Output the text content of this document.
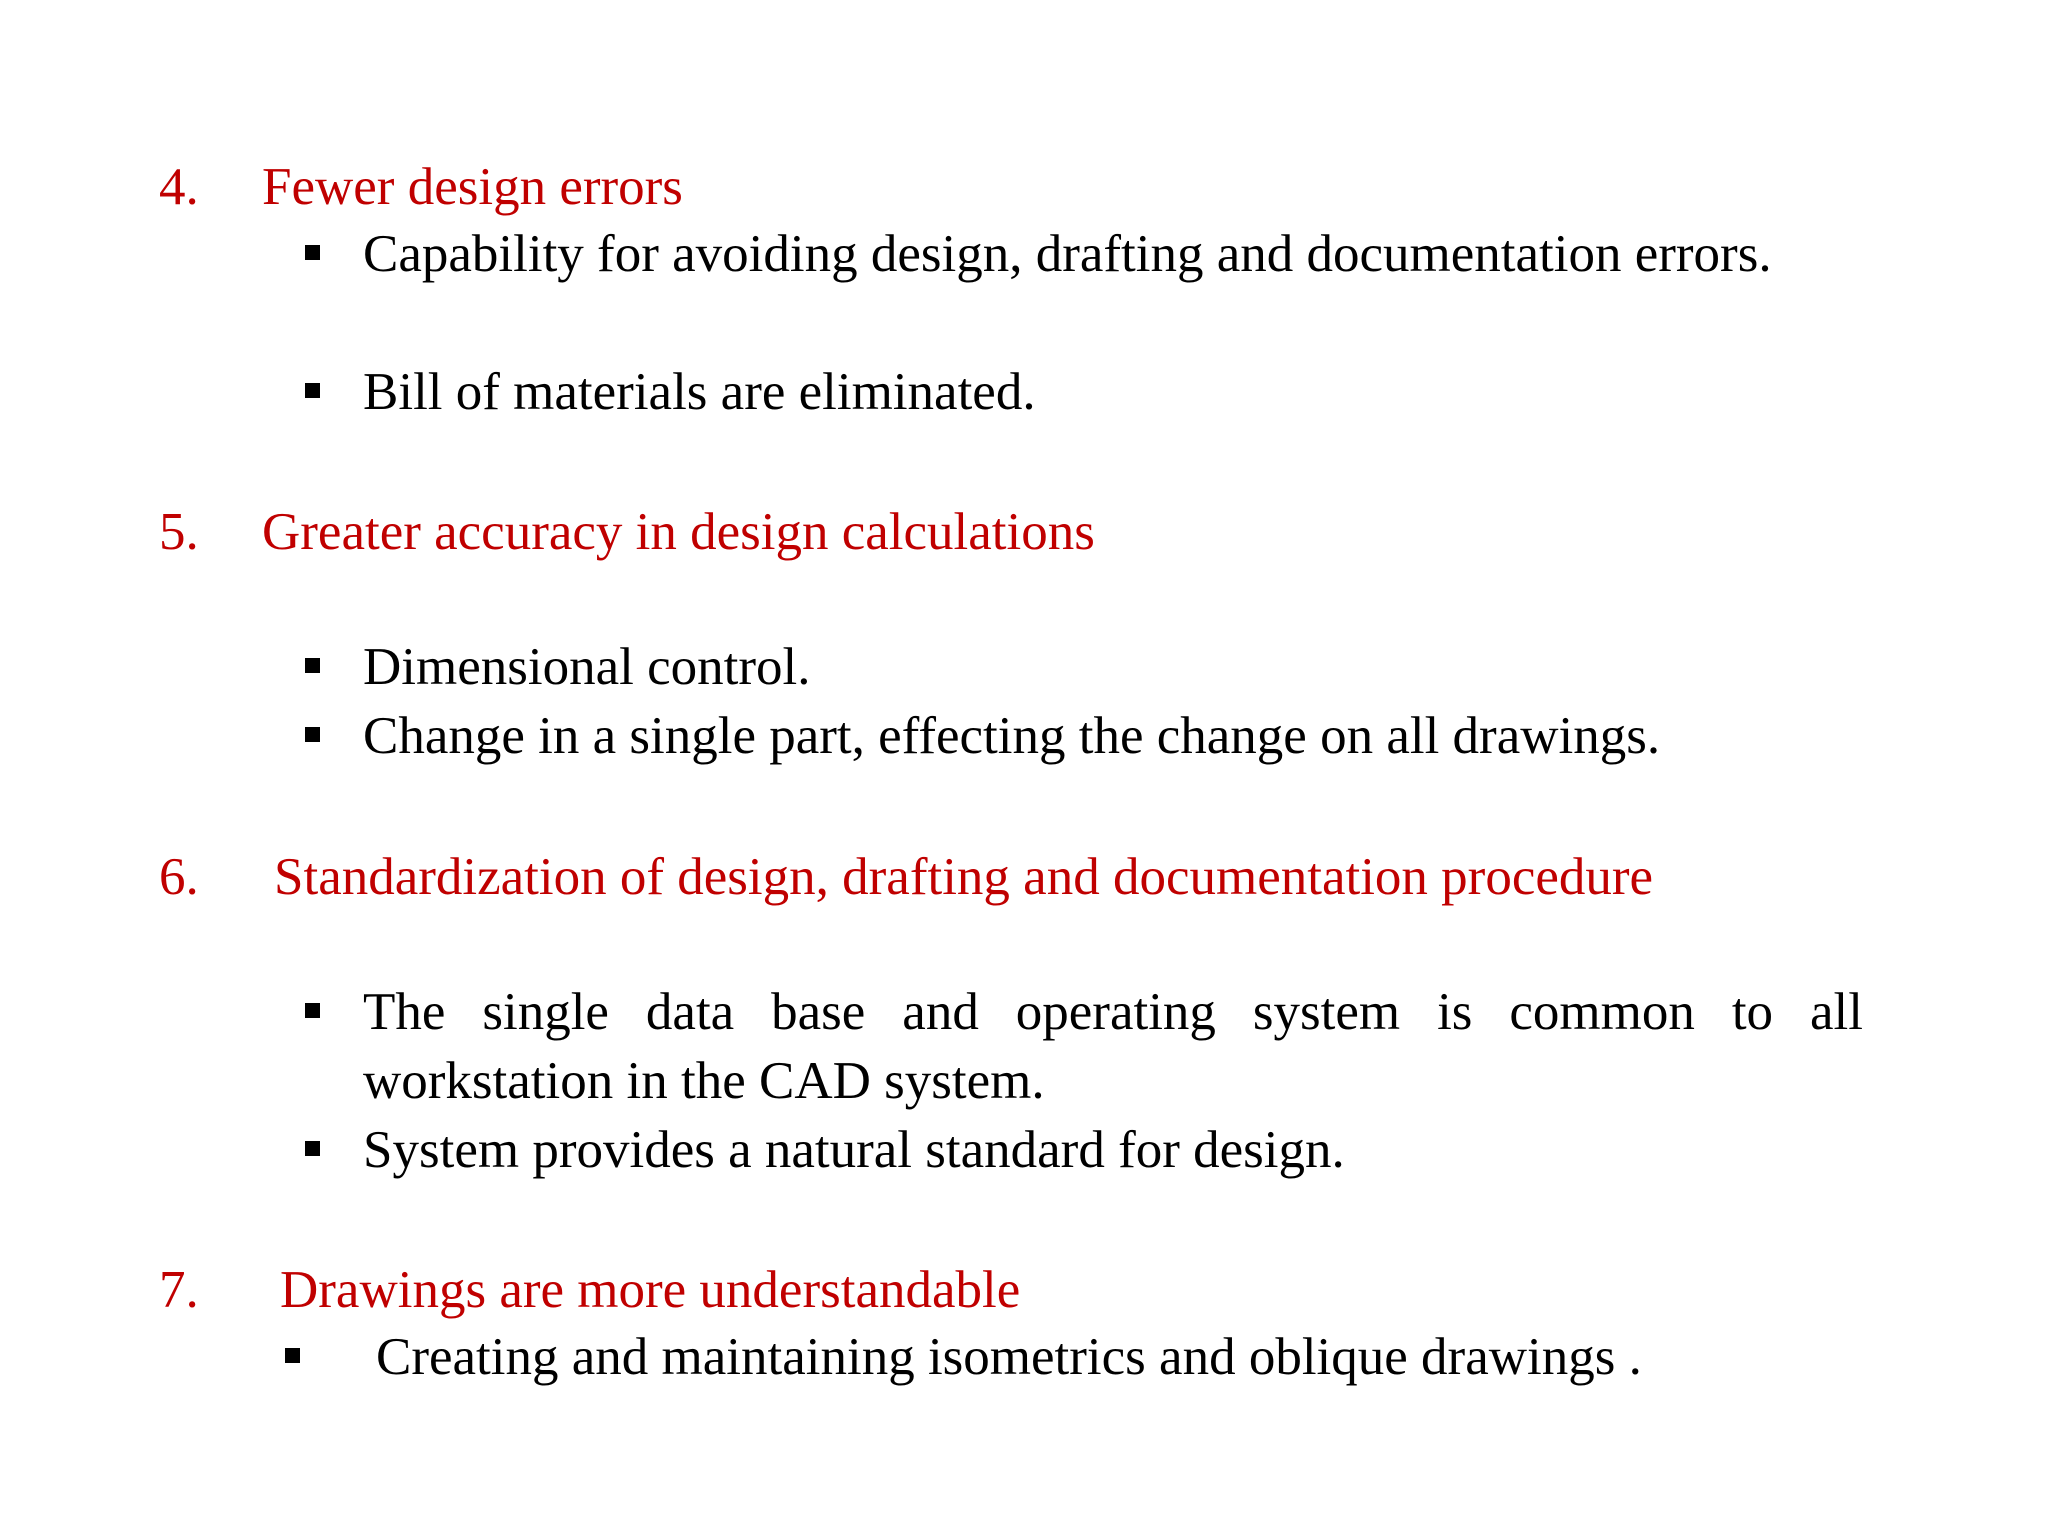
4. Fewer design errors
Capability for avoiding design, drafting and documentation errors.
Bill of materials are eliminated.
5. Greater accuracy in design calculations
Dimensional control.
Change in a single part, effecting the change on all drawings.
6. Standardization of design, drafting and documentation procedure
The single data base and operating system is common to all workstation in the CAD system.
System provides a natural standard for design.
7. Drawings are more understandable
Creating and maintaining isometrics and oblique drawings .
